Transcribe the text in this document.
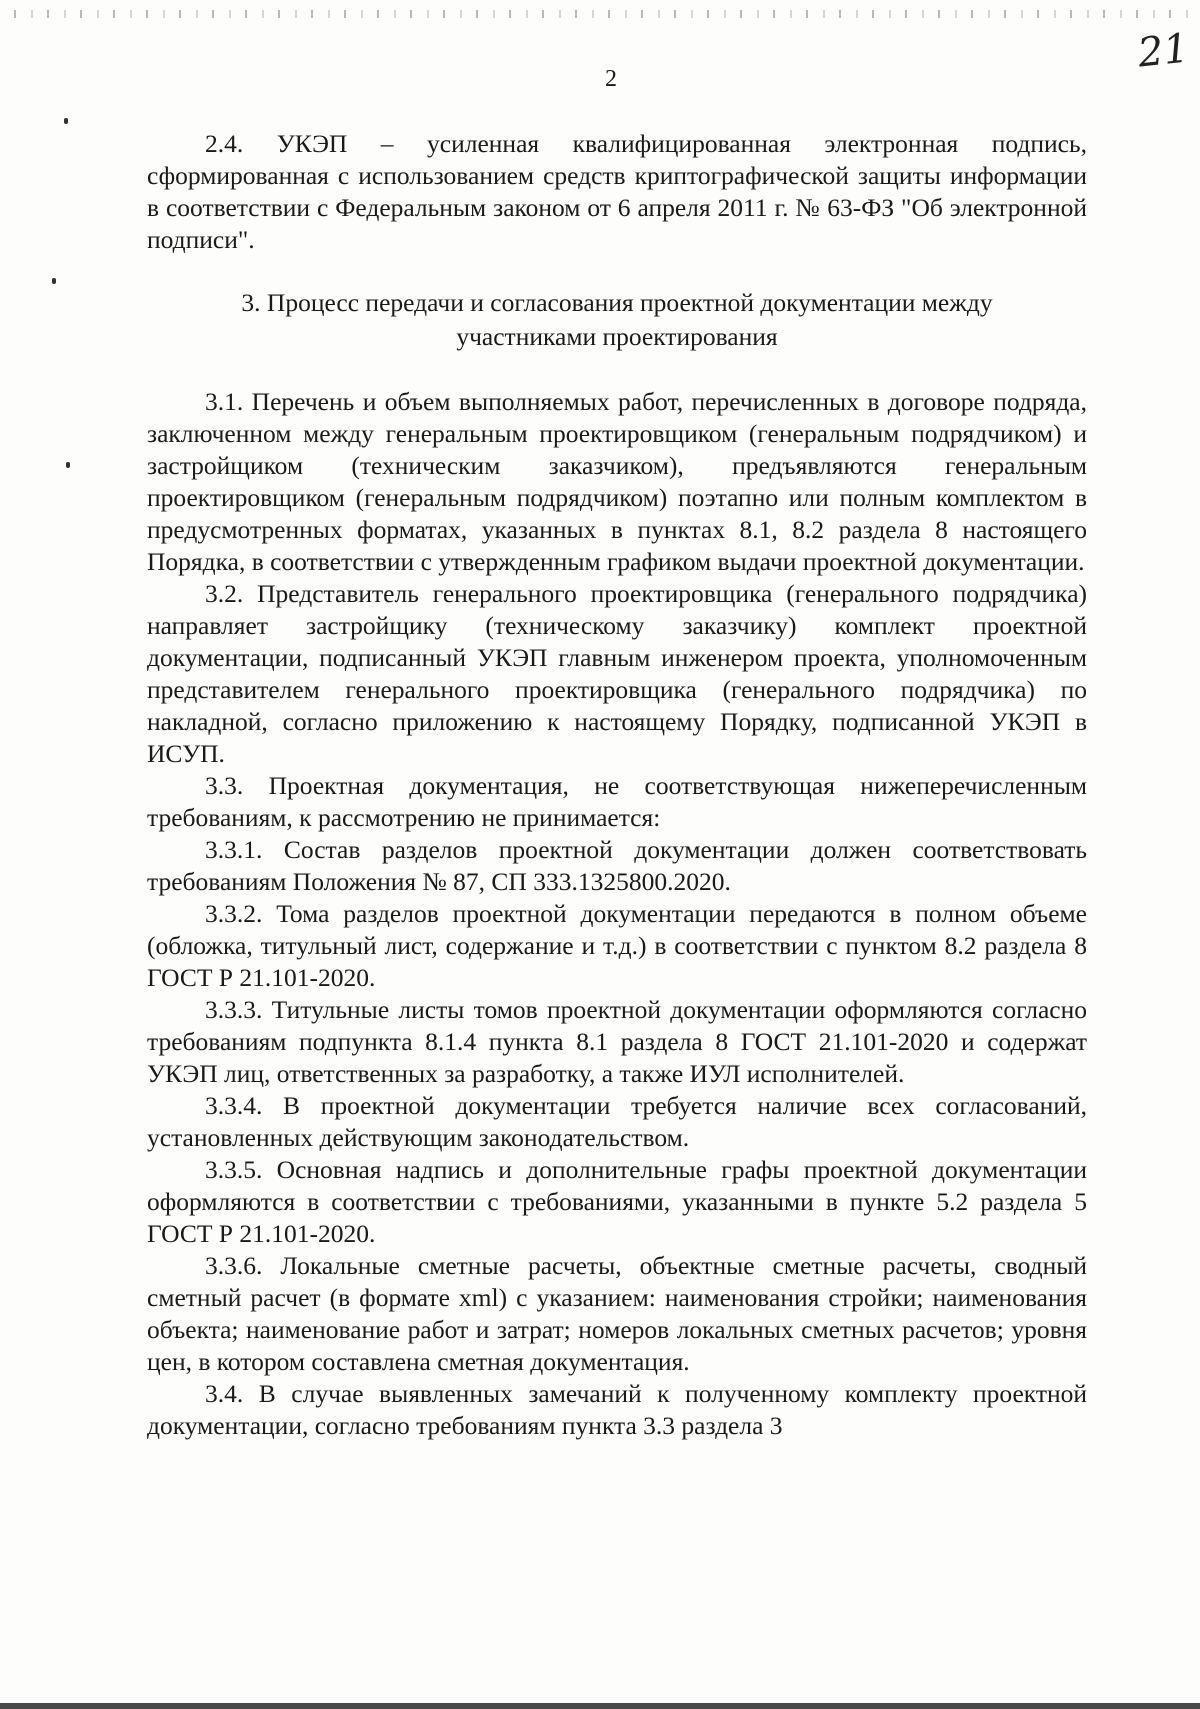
21
2

2.4. УКЭП – усиленная квалифицированная электронная подпись, сформированная с использованием средств криптографической защиты информации в соответствии с Федеральным законом от 6 апреля 2011 г. № 63-ФЗ "Об электронной подписи".

3. Процесс передачи и согласования проектной документации между
участниками проектирования

3.1. Перечень и объем выполняемых работ, перечисленных в договоре подряда, заключенном между генеральным проектировщиком (генеральным подрядчиком) и застройщиком (техническим заказчиком), предъявляются генеральным проектировщиком (генеральным подрядчиком) поэтапно или полным комплектом в предусмотренных форматах, указанных в пунктах 8.1, 8.2 раздела 8 настоящего Порядка, в соответствии с утвержденным графиком выдачи проектной документации.

3.2. Представитель генерального проектировщика (генерального подрядчика) направляет застройщику (техническому заказчику) комплект проектной документации, подписанный УКЭП главным инженером проекта, уполномоченным представителем генерального проектировщика (генерального подрядчика) по накладной, согласно приложению к настоящему Порядку, подписанной УКЭП в ИСУП.

3.3. Проектная документация, не соответствующая нижеперечисленным требованиям, к рассмотрению не принимается:

3.3.1. Состав разделов проектной документации должен соответствовать требованиям Положения № 87, СП 333.1325800.2020.

3.3.2. Тома разделов проектной документации передаются в полном объеме (обложка, титульный лист, содержание и т.д.) в соответствии с пунктом 8.2 раздела 8 ГОСТ Р 21.101-2020.

3.3.3. Титульные листы томов проектной документации оформляются согласно требованиям подпункта 8.1.4 пункта 8.1 раздела 8 ГОСТ 21.101-2020 и содержат УКЭП лиц, ответственных за разработку, а также ИУЛ исполнителей.

3.3.4. В проектной документации требуется наличие всех согласований, установленных действующим законодательством.

3.3.5. Основная надпись и дополнительные графы проектной документации оформляются в соответствии с требованиями, указанными в пункте 5.2 раздела 5 ГОСТ Р 21.101-2020.

3.3.6. Локальные сметные расчеты, объектные сметные расчеты, сводный сметный расчет (в формате xml) с указанием: наименования стройки; наименования объекта; наименование работ и затрат; номеров локальных сметных расчетов; уровня цен, в котором составлена сметная документация.

3.4. В случае выявленных замечаний к полученному комплекту проектной документации, согласно требованиям пункта 3.3 раздела 3
